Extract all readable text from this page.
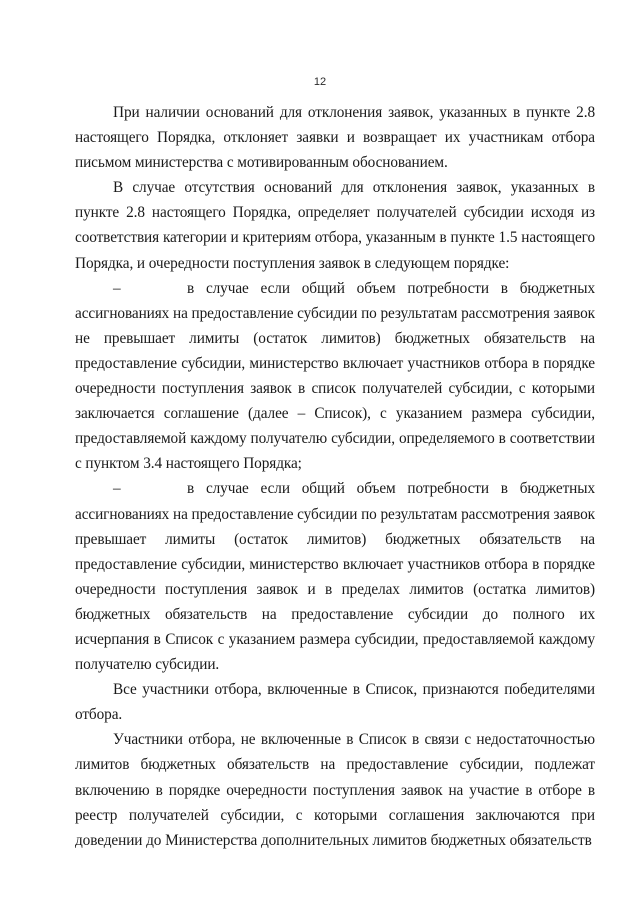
12

При наличии оснований для отклонения заявок, указанных в пункте 2.8 настоящего Порядка, отклоняет заявки и возвращает их участникам отбора письмом министерства с мотивированным обоснованием.

В случае отсутствия оснований для отклонения заявок, указанных в пункте 2.8 настоящего Порядка, определяет получателей субсидии исходя из соответствия категории и критериям отбора, указанным в пункте 1.5 настоящего Порядка, и очередности поступления заявок в следующем порядке:

–	в случае если общий объем потребности в бюджетных ассигнованиях на предоставление субсидии по результатам рассмотрения заявок не превышает лимиты (остаток лимитов) бюджетных обязательств на предоставление субсидии, министерство включает участников отбора в порядке очередности поступления заявок в список получателей субсидии, с которыми заключается соглашение (далее – Список), с указанием размера субсидии, предоставляемой каждому получателю субсидии, определяемого в соответствии с пунктом 3.4 настоящего Порядка;

–	в случае если общий объем потребности в бюджетных ассигнованиях на предоставление субсидии по результатам рассмотрения заявок превышает лимиты (остаток лимитов) бюджетных обязательств на предоставление субсидии, министерство включает участников отбора в порядке очередности поступления заявок и в пределах лимитов (остатка лимитов) бюджетных обязательств на предоставление субсидии до полного их исчерпания в Список с указанием размера субсидии, предоставляемой каждому получателю субсидии.

Все участники отбора, включенные в Список, признаются победителями отбора.

Участники отбора, не включенные в Список в связи с недостаточностью лимитов бюджетных обязательств на предоставление субсидии, подлежат включению в порядке очередности поступления заявок на участие в отборе в реестр получателей субсидии, с которыми соглашения заключаются при доведении до Министерства дополнительных лимитов бюджетных обязательств
